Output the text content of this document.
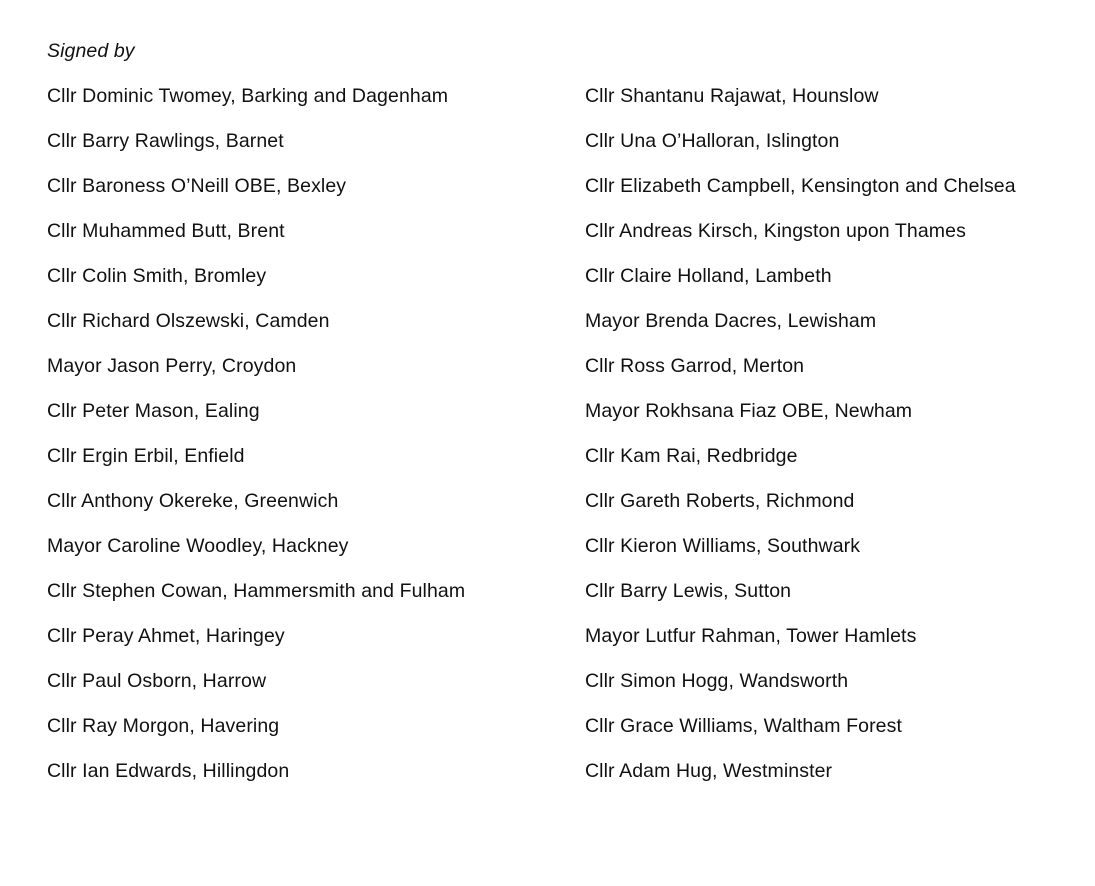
Signed by
Cllr Dominic Twomey, Barking and Dagenham
Cllr Barry Rawlings, Barnet
Cllr Baroness O’Neill OBE, Bexley
Cllr Muhammed Butt, Brent
Cllr Colin Smith, Bromley
Cllr Richard Olszewski, Camden
Mayor Jason Perry, Croydon
Cllr Peter Mason, Ealing
Cllr Ergin Erbil, Enfield
Cllr Anthony Okereke, Greenwich
Mayor Caroline Woodley, Hackney
Cllr Stephen Cowan, Hammersmith and Fulham
Cllr Peray Ahmet, Haringey
Cllr Paul Osborn, Harrow
Cllr Ray Morgon, Havering
Cllr Ian Edwards, Hillingdon
Cllr Shantanu Rajawat, Hounslow
Cllr Una O’Halloran, Islington
Cllr Elizabeth Campbell, Kensington and Chelsea
Cllr Andreas Kirsch, Kingston upon Thames
Cllr Claire Holland, Lambeth
Mayor Brenda Dacres, Lewisham
Cllr Ross Garrod, Merton
Mayor Rokhsana Fiaz OBE, Newham
Cllr Kam Rai, Redbridge
Cllr Gareth Roberts, Richmond
Cllr Kieron Williams, Southwark
Cllr Barry Lewis, Sutton
Mayor Lutfur Rahman, Tower Hamlets
Cllr Simon Hogg, Wandsworth
Cllr Grace Williams, Waltham Forest
Cllr Adam Hug, Westminster
